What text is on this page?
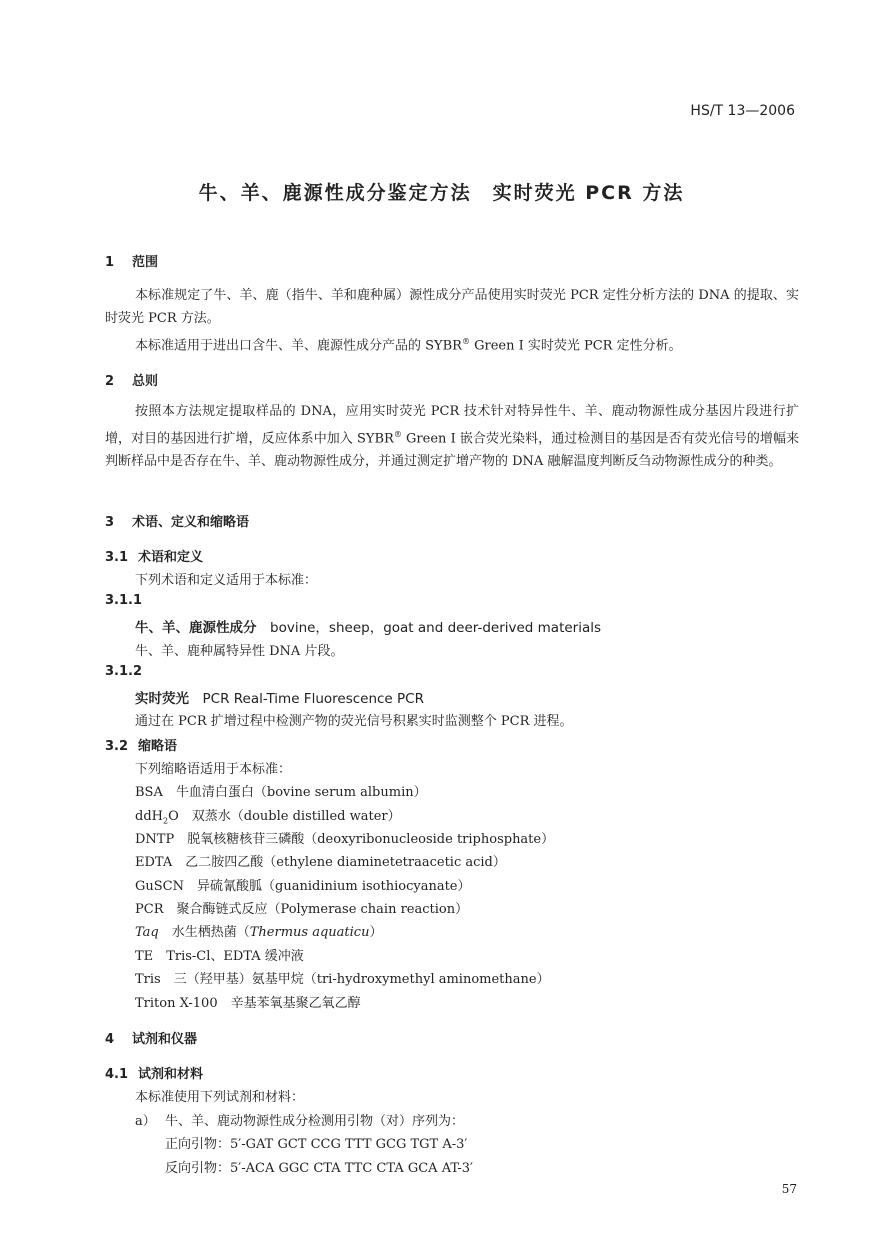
HS/T 13—2006
牛、羊、鹿源性成分鉴定方法　实时荧光 PCR 方法
1 范围
本标准规定了牛、羊、鹿（指牛、羊和鹿种属）源性成分产品使用实时荧光 PCR 定性分析方法的 DNA 的提取、实时荧光 PCR 方法。
本标准适用于进出口含牛、羊、鹿源性成分产品的 SYBR® Green I 实时荧光 PCR 定性分析。
2 总则
按照本方法规定提取样品的 DNA，应用实时荧光 PCR 技术针对特异性牛、羊、鹿动物源性成分基因片段进行扩增，对目的基因进行扩增，反应体系中加入 SYBR® Green I 嵌合荧光染料，通过检测目的基因是否有荧光信号的增幅来判断样品中是否存在牛、羊、鹿动物源性成分，并通过测定扩增产物的 DNA 融解温度判断反刍动物源性成分的种类。
3 术语、定义和缩略语
3.1 术语和定义
下列术语和定义适用于本标准：
3.1.1
牛、羊、鹿源性成分　 bovine，sheep，goat and deer-derived materials
牛、羊、鹿种属特异性 DNA 片段。
3.1.2
实时荧光　 PCR Real-Time Fluorescence PCR
通过在 PCR 扩增过程中检测产物的荧光信号积累实时监测整个 PCR 进程。
3.2 缩略语
下列缩略语适用于本标准：
BSA　 牛血清白蛋白（bovine serum albumin）
ddH$_2$O　 双蒸水（double distilled water）
DNTP　 脱氧核糖核苷三磷酸（deoxyribonucleoside triphosphate）
EDTA　 乙二胺四乙酸（ethylene diaminetetraacetic acid）
GuSCN　 异硫氰酸胍（guanidinium isothiocyanate）
PCR　 聚合酶链式反应（Polymerase chain reaction）
Taq　 水生栖热菌（Thermus aquaticu）
TE　 Tris-Cl、EDTA 缓冲液
Tris　 三（羟甲基）氨基甲烷（tri-hydroxymethyl aminomethane）
Triton X-100　 辛基苯氧基聚乙氧乙醇
4 试剂和仪器
4.1 试剂和材料
本标准使用下列试剂和材料：
a） 牛、羊、鹿动物源性成分检测用引物（对）序列为：
正向引物：5′-GAT GCT CCG TTT GCG TGT A-3′
反向引物：5′-ACA GGC CTA TTC CTA GCA AT-3′
57
